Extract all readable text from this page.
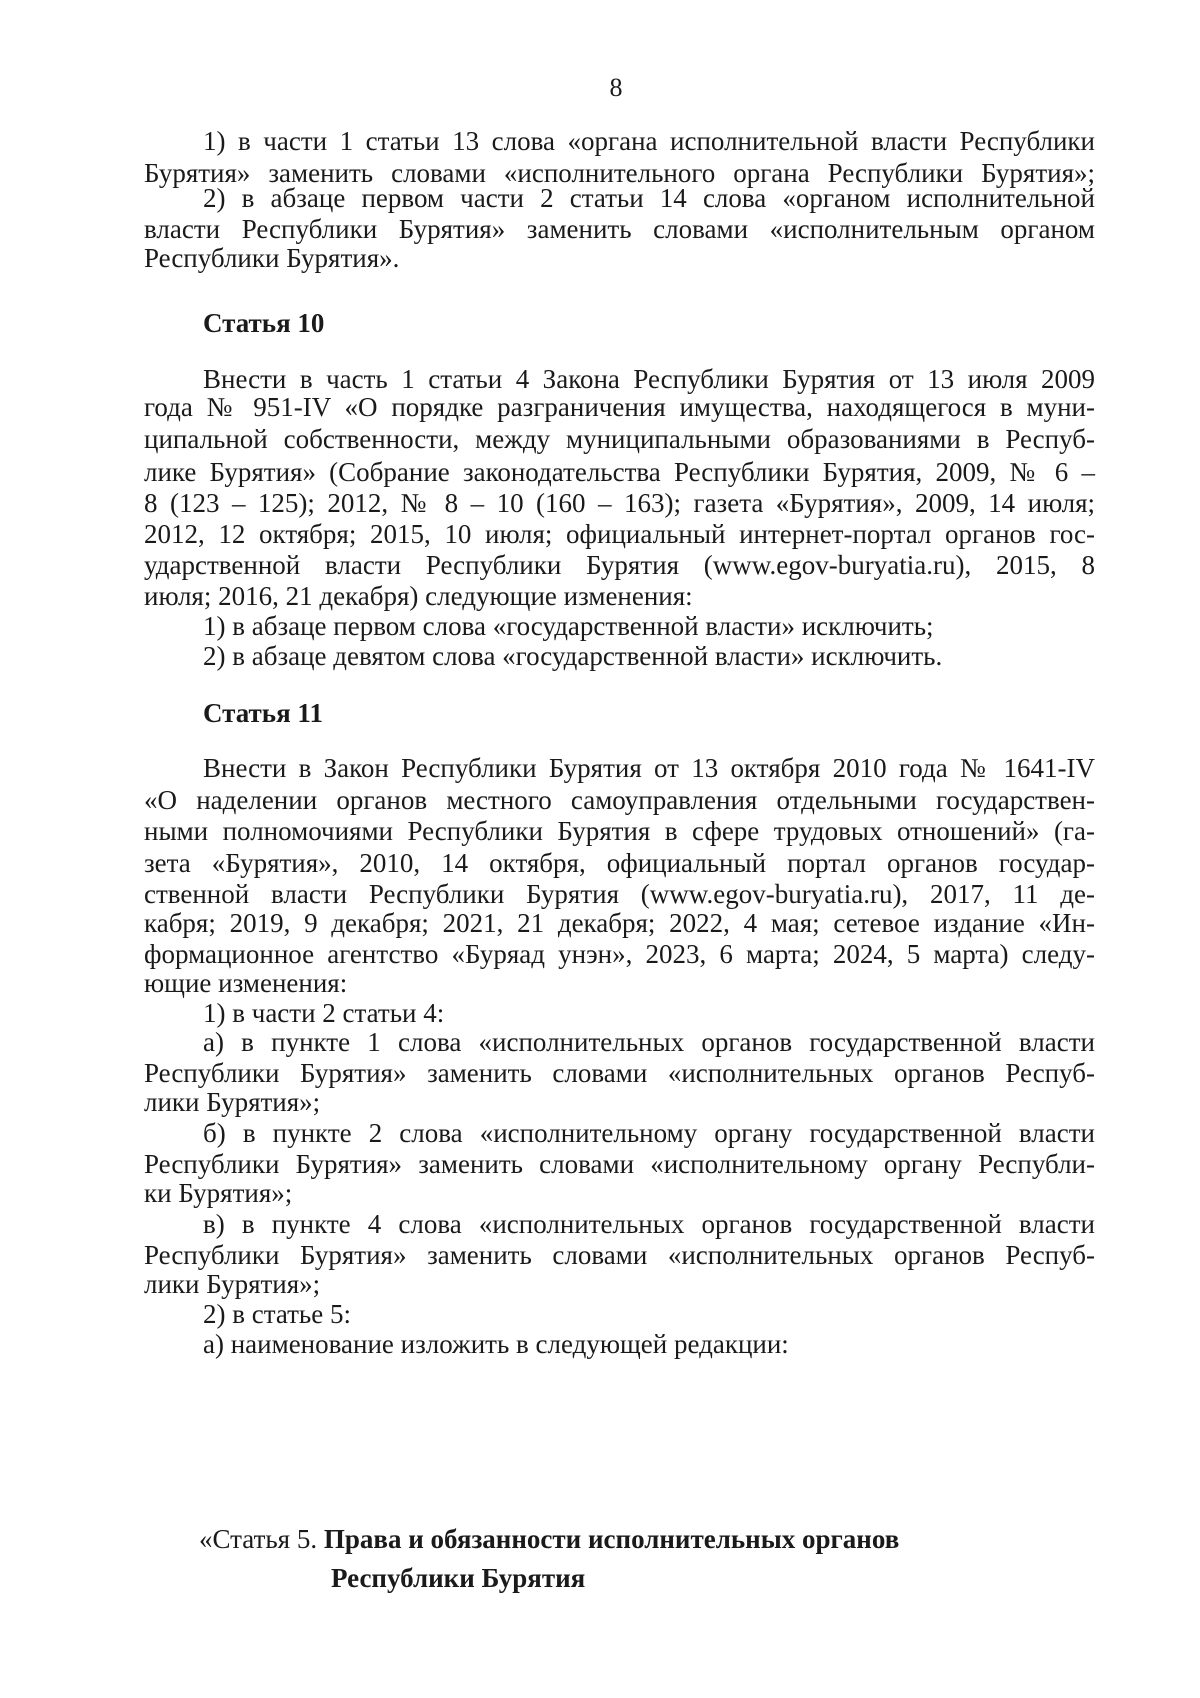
8
1) в части 1 статьи 13 слова «органа исполнительной власти Республики
Бурятия» заменить словами «исполнительного органа Республики Бурятия»;
2) в абзаце первом части 2 статьи 14 слова «органом исполнительной
власти Республики Бурятия» заменить словами «исполнительным органом
Республики Бурятия».
Статья 10
Внести в часть 1 статьи 4 Закона Республики Бурятия от 13 июля 2009
года № 951-IV «О порядке разграничения имущества, находящегося в муни-
ципальной собственности, между муниципальными образованиями в Респуб-
лике Бурятия» (Собрание законодательства Республики Бурятия, 2009, № 6 –
8 (123 – 125); 2012, № 8 – 10 (160 – 163); газета «Бурятия», 2009, 14 июля;
2012, 12 октября; 2015, 10 июля; официальный интернет-портал органов гос-
ударственной власти Республики Бурятия (www.egov-buryatia.ru), 2015, 8
июля; 2016, 21 декабря) следующие изменения:
1) в абзаце первом слова «государственной власти» исключить;
2) в абзаце девятом слова «государственной власти» исключить.
Статья 11
Внести в Закон Республики Бурятия от 13 октября 2010 года № 1641-IV
«О наделении органов местного самоуправления отдельными государствен-
ными полномочиями Республики Бурятия в сфере трудовых отношений» (га-
зета «Бурятия», 2010, 14 октября, официальный портал органов государ-
ственной власти Республики Бурятия (www.egov-buryatia.ru), 2017, 11 де-
кабря; 2019, 9 декабря; 2021, 21 декабря; 2022, 4 мая; сетевое издание «Ин-
формационное агентство «Буряад унэн», 2023, 6 марта; 2024, 5 марта) следу-
ющие изменения:
1) в части 2 статьи 4:
а) в пункте 1 слова «исполнительных органов государственной власти
Республики Бурятия» заменить словами «исполнительных органов Респуб-
лики Бурятия»;
б) в пункте 2 слова «исполнительному органу государственной власти
Республики Бурятия» заменить словами «исполнительному органу Республи-
ки Бурятия»;
в) в пункте 4 слова «исполнительных органов государственной власти
Республики Бурятия» заменить словами «исполнительных органов Респуб-
лики Бурятия»;
2) в статье 5:
а) наименование изложить в следующей редакции:
«Статья 5. Права и обязанности исполнительных органов
Республики Бурятия
